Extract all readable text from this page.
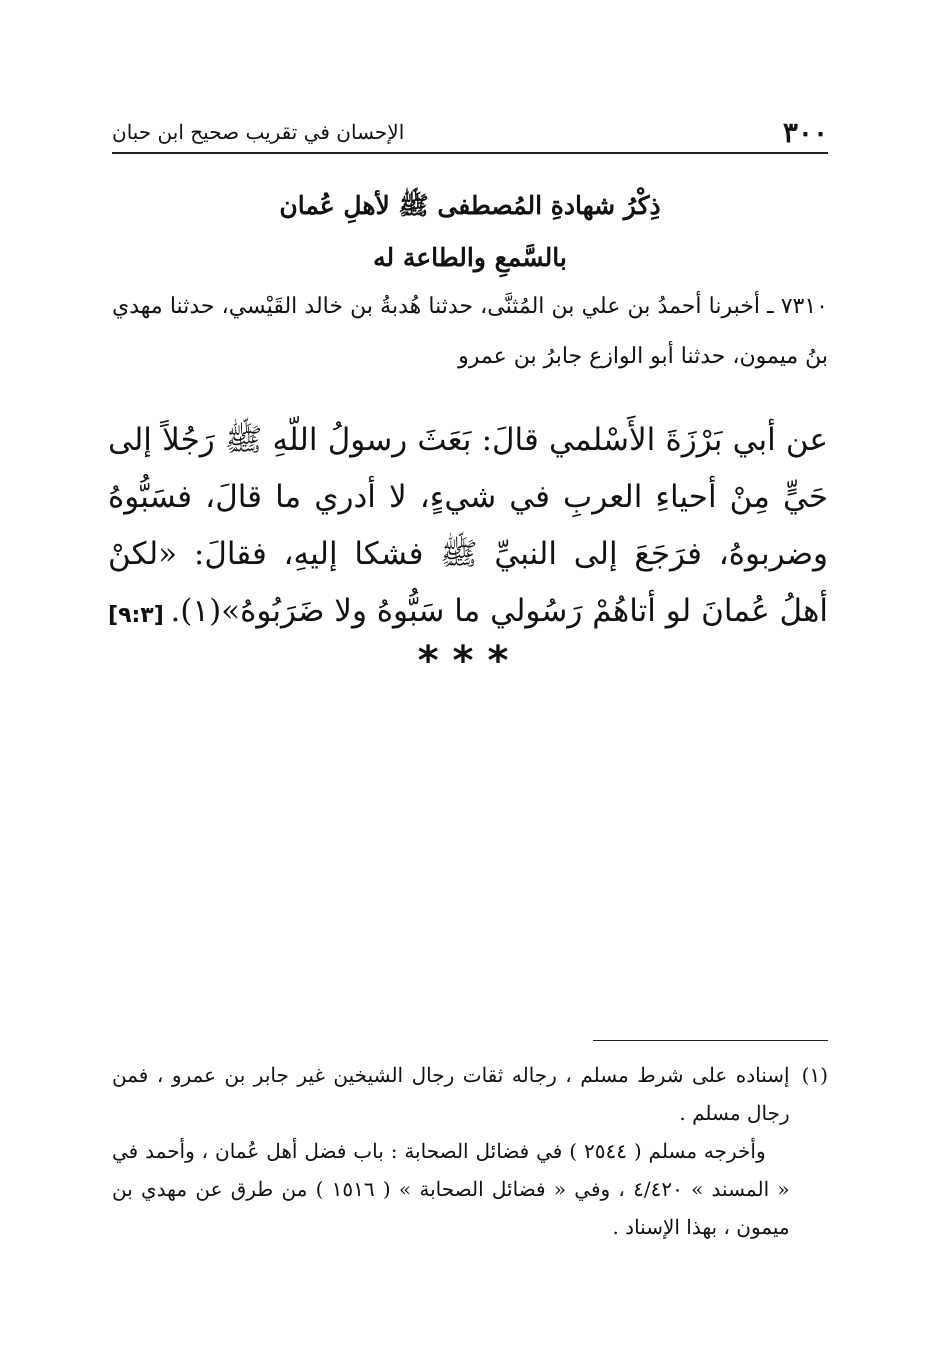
٣٠٠
الإحسان في تقريب صحيح ابن حبان
ذِكْرُ شهادةِ المُصطفى ﷺ لأهلِ عُمان
بالسَّمعِ والطاعة له
٧٣١٠ ـ أخبرنا أحمدُ بن علي بن المُثنَّى، حدثنا هُدبةُ بن خالد القَيْسي، حدثنا مهدي بنُ ميمون، حدثنا أبو الوازع جابرُ بن عمرو
عن أبي بَرْزَةَ الأَسْلمي قالَ: بَعَثَ رسولُ اللّهِ ﷺ رَجُلاً إلى حَيٍّ مِنْ أحياءِ العربِ في شيءٍ، لا أدري ما قالَ، فسَبُّوهُ وضربوهُ، فرَجَعَ إلى النبيِّ ﷺ فشكا إليهِ، فقالَ: «لكنْ أهلُ عُمانَ لو أتاهُمْ رَسُولي ما سَبُّوهُ ولا ضَرَبُوهُ»(١).
[٩:٣]
***
(١)

إسناده على شرط مسلم ، رجاله ثقات رجال الشيخين غير جابر بن عمرو ، فمن رجال مسلم .

وأخرجه مسلم ( ٢٥٤٤ ) في فضائل الصحابة : باب فضل أهل عُمان ، وأحمد في « المسند » ٤/٤٢٠ ، وفي « فضائل الصحابة » ( ١٥١٦ ) من طرق عن مهدي بن ميمون ، بهذا الإسناد .
